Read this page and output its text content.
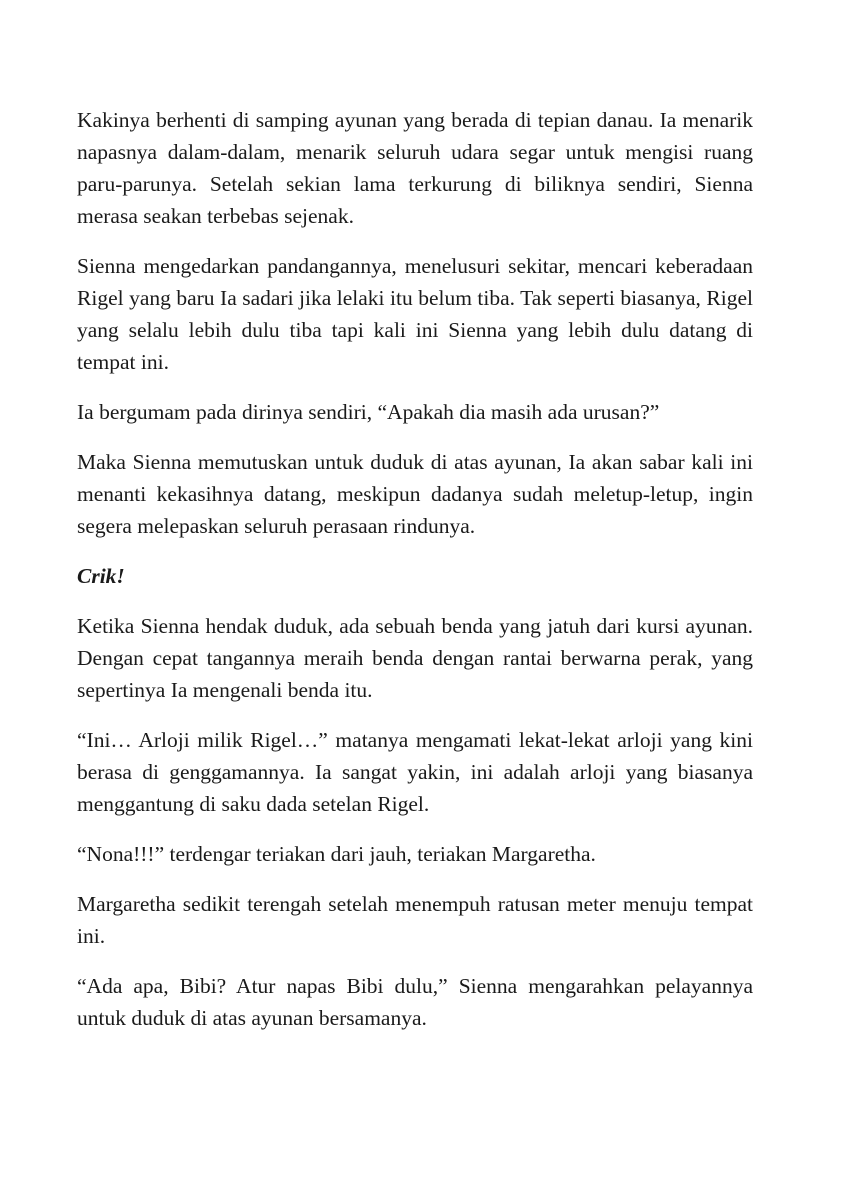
Kakinya berhenti di samping ayunan yang berada di tepian danau. Ia menarik napasnya dalam-dalam, menarik seluruh udara segar untuk mengisi ruang paru-parunya. Setelah sekian lama terkurung di biliknya sendiri, Sienna merasa seakan terbebas sejenak.

Sienna mengedarkan pandangannya, menelusuri sekitar, mencari keberadaan Rigel yang baru Ia sadari jika lelaki itu belum tiba. Tak seperti biasanya, Rigel yang selalu lebih dulu tiba tapi kali ini Sienna yang lebih dulu datang di tempat ini.

Ia bergumam pada dirinya sendiri, “Apakah dia masih ada urusan?”

Maka Sienna memutuskan untuk duduk di atas ayunan, Ia akan sabar kali ini menanti kekasihnya datang, meskipun dadanya sudah meletup-letup, ingin segera melepaskan seluruh perasaan rindunya.

Crik!

Ketika Sienna hendak duduk, ada sebuah benda yang jatuh dari kursi ayunan. Dengan cepat tangannya meraih benda dengan rantai berwarna perak, yang sepertinya Ia mengenali benda itu.

“Ini… Arloji milik Rigel…” matanya mengamati lekat-lekat arloji yang kini berasa di genggamannya. Ia sangat yakin, ini adalah arloji yang biasanya menggantung di saku dada setelan Rigel.

“Nona!!!” terdengar teriakan dari jauh, teriakan Margaretha.

Margaretha sedikit terengah setelah menempuh ratusan meter menuju tempat ini.

“Ada apa, Bibi? Atur napas Bibi dulu,” Sienna mengarahkan pelayannya untuk duduk di atas ayunan bersamanya.
